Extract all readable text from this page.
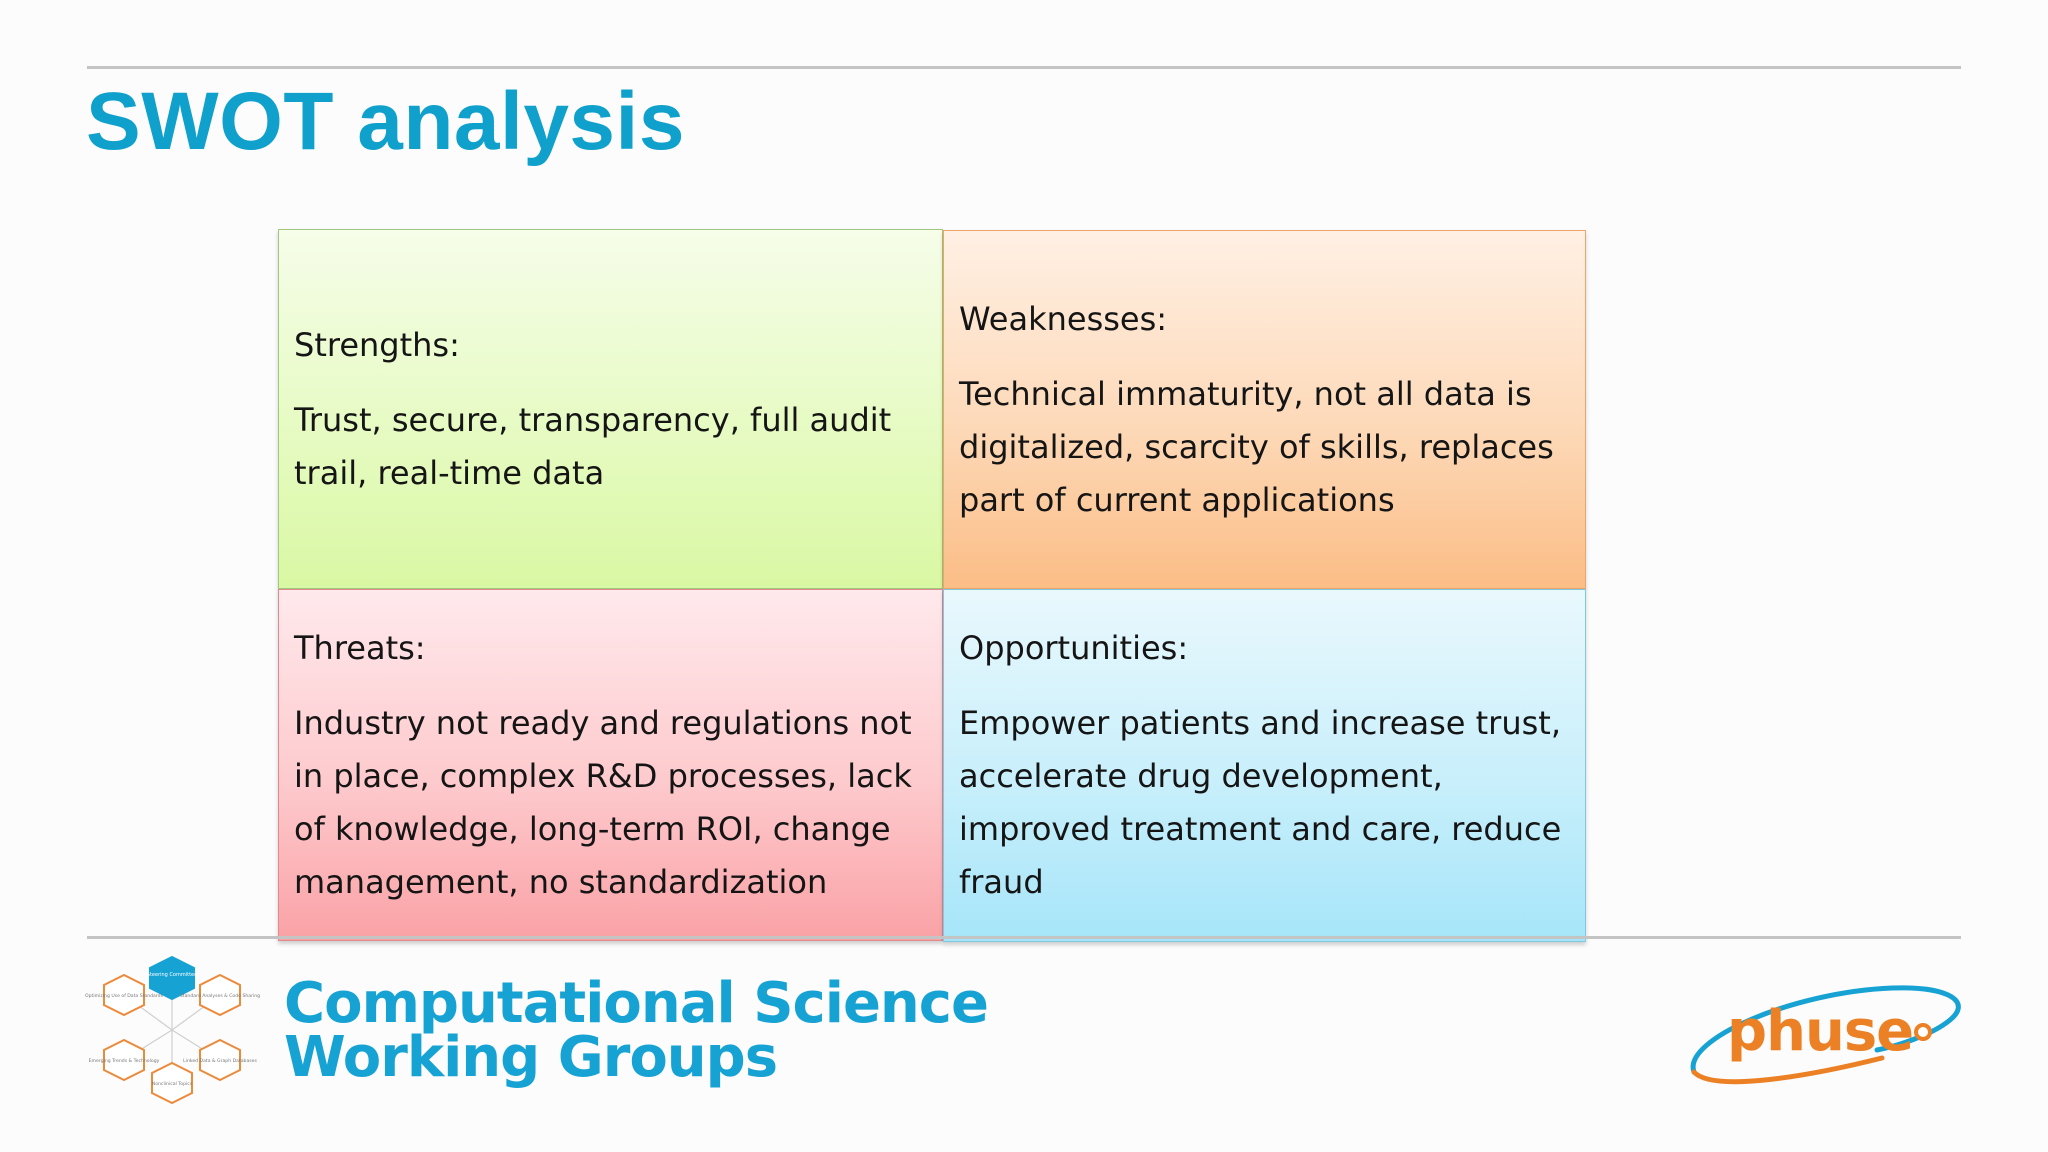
SWOT analysis

Strengths:

Trust, secure, transparency, full audit trail, real-time data

Weaknesses:

Technical immaturity, not all data is digitalized, scarcity of skills, replaces part of current applications

Threats:

Industry not ready and regulations not in place, complex R&D processes, lack of knowledge, long-term ROI, change management, no standardization

Opportunities:

Empower patients and increase trust, accelerate drug development, improved treatment and care, reduce fraud

Steering Committee
Standard Analyses & Code Sharing
Linked Data & Graph Databases
Nonclinical Topics
Emerging Trends & Technology
Optimizing Use of Data Standards Computational Science
Working Groups	phuse
